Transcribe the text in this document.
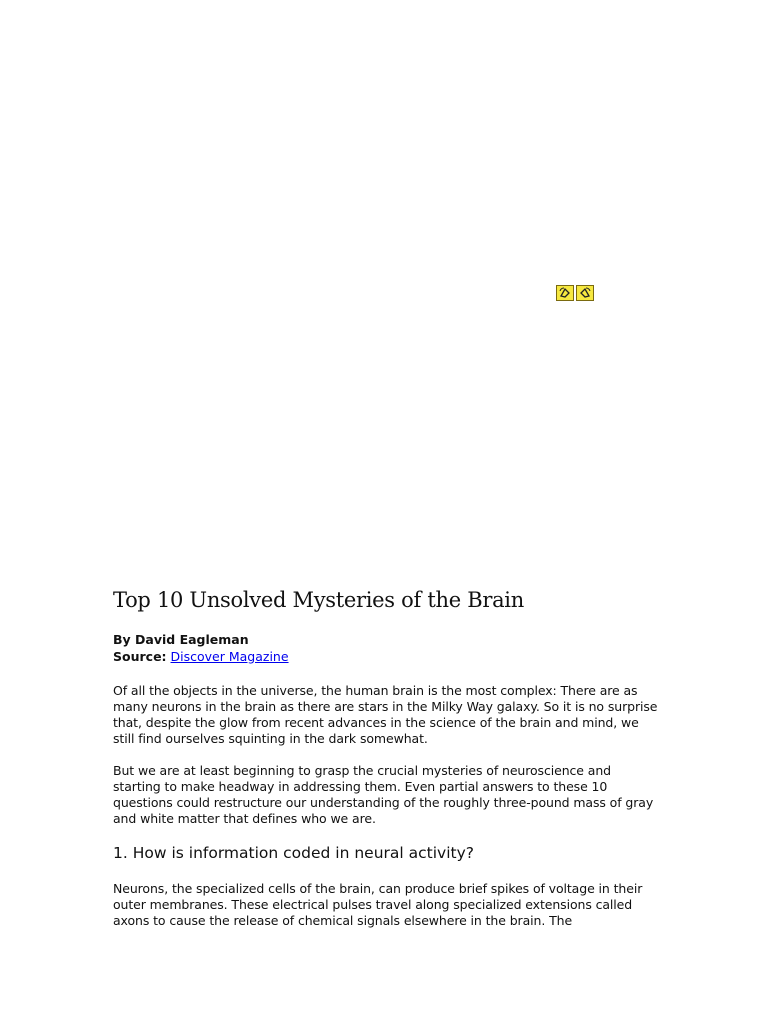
Top 10 Unsolved Mysteries of the Brain
By David Eagleman
Source: Discover Magazine

Of all the objects in the universe, the human brain is the most complex: There are as many neurons in the brain as there are stars in the Milky Way galaxy. So it is no surprise that, despite the glow from recent advances in the science of the brain and mind, we still find ourselves squinting in the dark somewhat.

But we are at least beginning to grasp the crucial mysteries of neuroscience and starting to make headway in addressing them. Even partial answers to these 10 questions could restructure our understanding of the roughly three-pound mass of gray and white matter that defines who we are.

1. How is information coded in neural activity?

Neurons, the specialized cells of the brain, can produce brief spikes of voltage in their outer membranes. These electrical pulses travel along specialized extensions called axons to cause the release of chemical signals elsewhere in the brain. The
